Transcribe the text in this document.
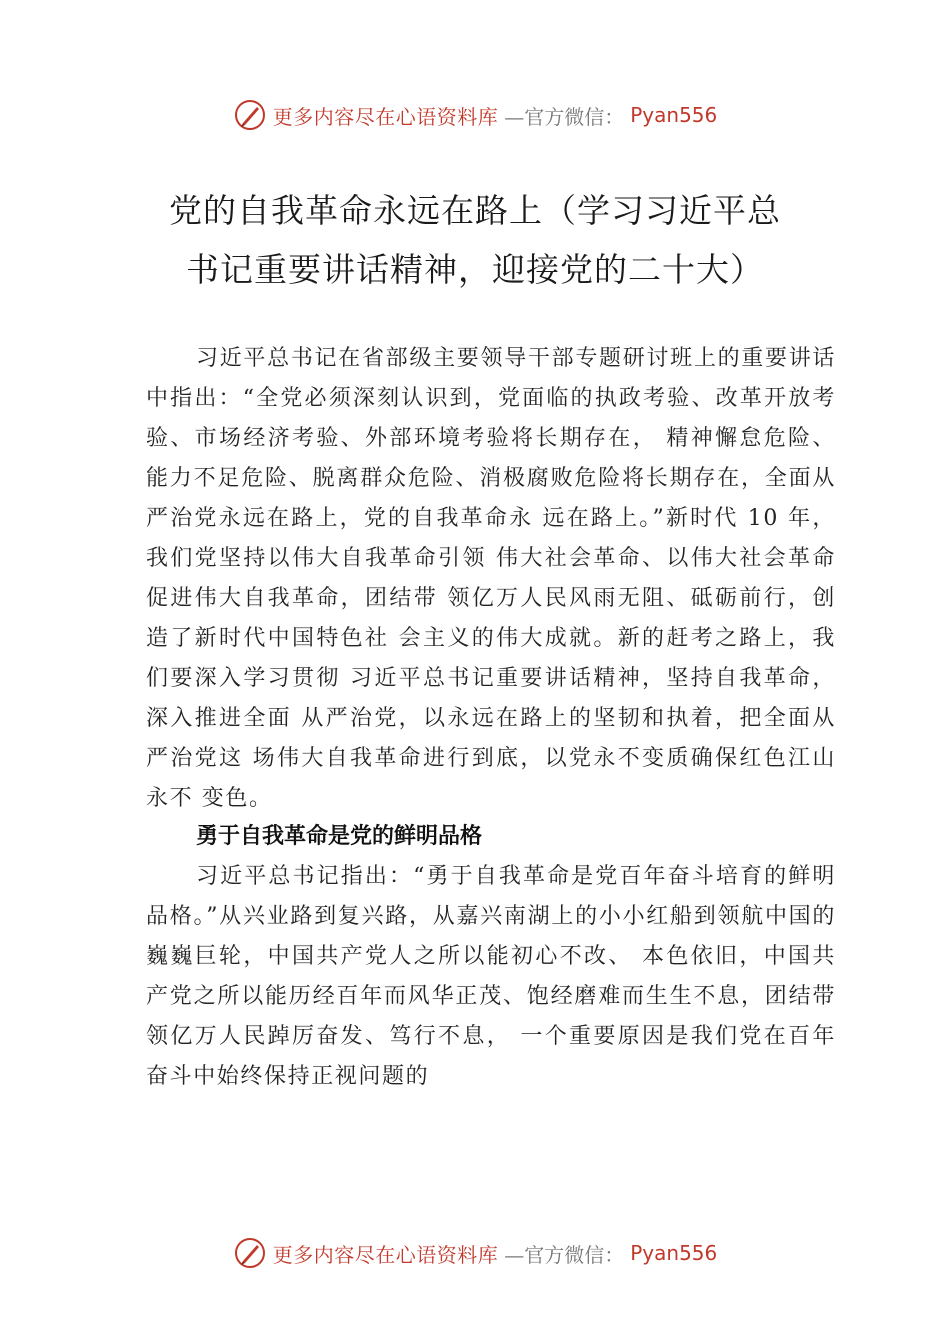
更多内容尽在心语资料库 —官方微信： Pyan556
党的自我革命永远在路上（学习习近平总
书记重要讲话精神，迎接党的二十大）
习近平总书记在省部级主要领导干部专题研讨班上的重要讲话中指出：“全党必须深刻认识到，党面临的执政考验、改革开放考验、市场经济考验、外部环境考验将长期存在， 精神懈怠危险、能力不足危险、脱离群众危险、消极腐败危险将长期存在，全面从严治党永远在路上，党的自我革命永 远在路上。”新时代 10 年，我们党坚持以伟大自我革命引领 伟大社会革命、以伟大社会革命促进伟大自我革命，团结带 领亿万人民风雨无阻、砥砺前行，创造了新时代中国特色社 会主义的伟大成就。新的赶考之路上，我们要深入学习贯彻 习近平总书记重要讲话精神，坚持自我革命，深入推进全面 从严治党，以永远在路上的坚韧和执着，把全面从严治党这 场伟大自我革命进行到底，以党永不变质确保红色江山永不 变色。
勇于自我革命是党的鲜明品格
习近平总书记指出：“勇于自我革命是党百年奋斗培育的鲜明品格。”从兴业路到复兴路，从嘉兴南湖上的小小红船到领航中国的巍巍巨轮，中国共产党人之所以能初心不改、 本色依旧，中国共产党之所以能历经百年而风华正茂、饱经磨难而生生不息，团结带领亿万人民踔厉奋发、笃行不息， 一个重要原因是我们党在百年奋斗中始终保持正视问题的
更多内容尽在心语资料库 —官方微信： Pyan556
